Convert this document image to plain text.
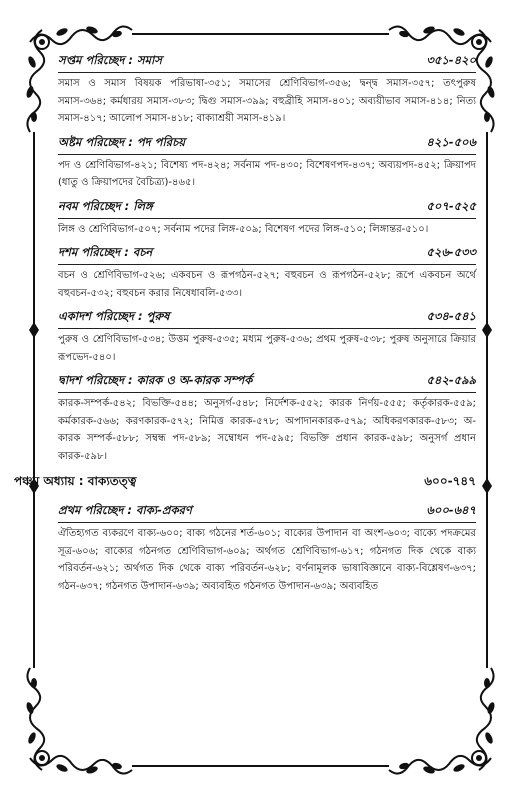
সপ্তম পরিচ্ছেদ : সমাস	৩৫১-৪২০
সমাস ও সমাস বিষয়ক পরিভাষা-৩৫১; সমাসের শ্রেণিবিভাগ-৩৫৬; দ্বন্দ্ব সমাস-৩৫৭; তৎপুরুষ সমাস-৩৬৪; কর্মধারয় সমাস-৩৮৩; দ্বিগু সমাস-৩৯৯; বহুব্রীহি সমাস-৪০১; অব্যয়ীভাব সমাস-৪১৪; নিত্য সমাস-৪১৭; আলোপ সমাস-৪১৮; বাক্যাশ্রয়ী সমাস-৪১৯।
অষ্টম পরিচ্ছেদ : পদ পরিচয়	৪২১-৫০৬
পদ ও শ্রেণিবিভাগ-৪২১; বিশেষ্য পদ-৪২৪; সর্বনাম পদ-৪৩০; বিশেষণপদ-৪৩৭; অব্যয়পদ-৪৫২; ক্রিয়াপদ (ধাতু ও ক্রিয়াপদের বৈচিত্র্য)-৪৬৫।
নবম পরিচ্ছেদ : লিঙ্গ	৫০৭-৫২৫
লিঙ্গ ও শ্রেণিবিভাগ-৫০৭; সর্বনাম পদের লিঙ্গ-৫০৯; বিশেষণ পদের লিঙ্গ-৫১০; লিঙ্গান্তর-৫১০।
দশম পরিচ্ছেদ : বচন	৫২৬-৫৩৩
বচন ও শ্রেণিবিভাগ-৫২৬; একবচন ও রূপগঠন-৫২৭; বহুবচন ও রূপগঠন-৫২৮; রূপে একবচন অর্থে বহুবচন-৫৩২; বহুবচন করার নিষেধাবলি-৫৩৩।
একাদশ পরিচ্ছেদ : পুরুষ	৫৩৪-৫৪১
পুরুষ ও শ্রেণিবিভাগ-৫৩৪; উত্তম পুরুষ-৫৩৫; মধ্যম পুরুষ-৫৩৬; প্রথম পুরুষ-৫৩৮; পুরুষ অনুসারে ক্রিয়ার রূপভেদ-৫৪০।
দ্বাদশ পরিচ্ছেদ : কারক ও অ-কারক সম্পর্ক	৫৪২-৫৯৯
কারক-সম্পর্ক-৫৪২; বিভক্তি-৫৪৪; অনুসর্গ-৫৪৮; নির্দেশক-৫৫২; কারক নির্ণয়-৫৫৫; কর্তৃকারক-৫৫৯; কর্মকারক-৫৬৬; করণকারক-৫৭২; নিমিত্ত কারক-৫৭৮; অপাদানকারক-৫৭৯; অধিকরণকারক-৫৮৩; অ-কারক সম্পর্ক-৫৮৮; সম্বন্ধ পদ-৫৮৯; সম্বোধন পদ-৫৯৫; বিভক্তি প্রধান কারক-৫৯৮; অনুসর্গ প্রধান কারক-৫৯৮।
পঞ্চম অধ্যায় : বাক্যতত্ত্ব	৬০০-৭৪৭
প্রথম পরিচ্ছেদ : বাক্য-প্রকরণ	৬০০-৬৪৭
ঐতিহ্যগত ব্যকরণে বাক্য-৬০০; বাক্য গঠনের শর্ত-৬০১; বাক্যের উপাদান বা অংশ-৬০৩; বাক্যে পদক্রমের সূত্র-৬০৬; বাক্যের গঠনগত শ্রেণিবিভাগ-৬০৯; অর্থগত শ্রেণিবিভাগ-৬১৭; গঠনগত দিক থেকে বাক্য পরিবর্তন-৬২১; অর্থগত দিক থেকে বাক্য পরিবর্তন-৬২৮; বর্ণনামূলক ভাষাবিজ্ঞানে বাক্য-বিশ্লেষণ-৬৩৭; গঠন-৬৩৭; গঠনগত উপাদান-৬৩৯; অব্যবহিত গঠনগত উপাদান-৬৩৯; অব্যবহিত
